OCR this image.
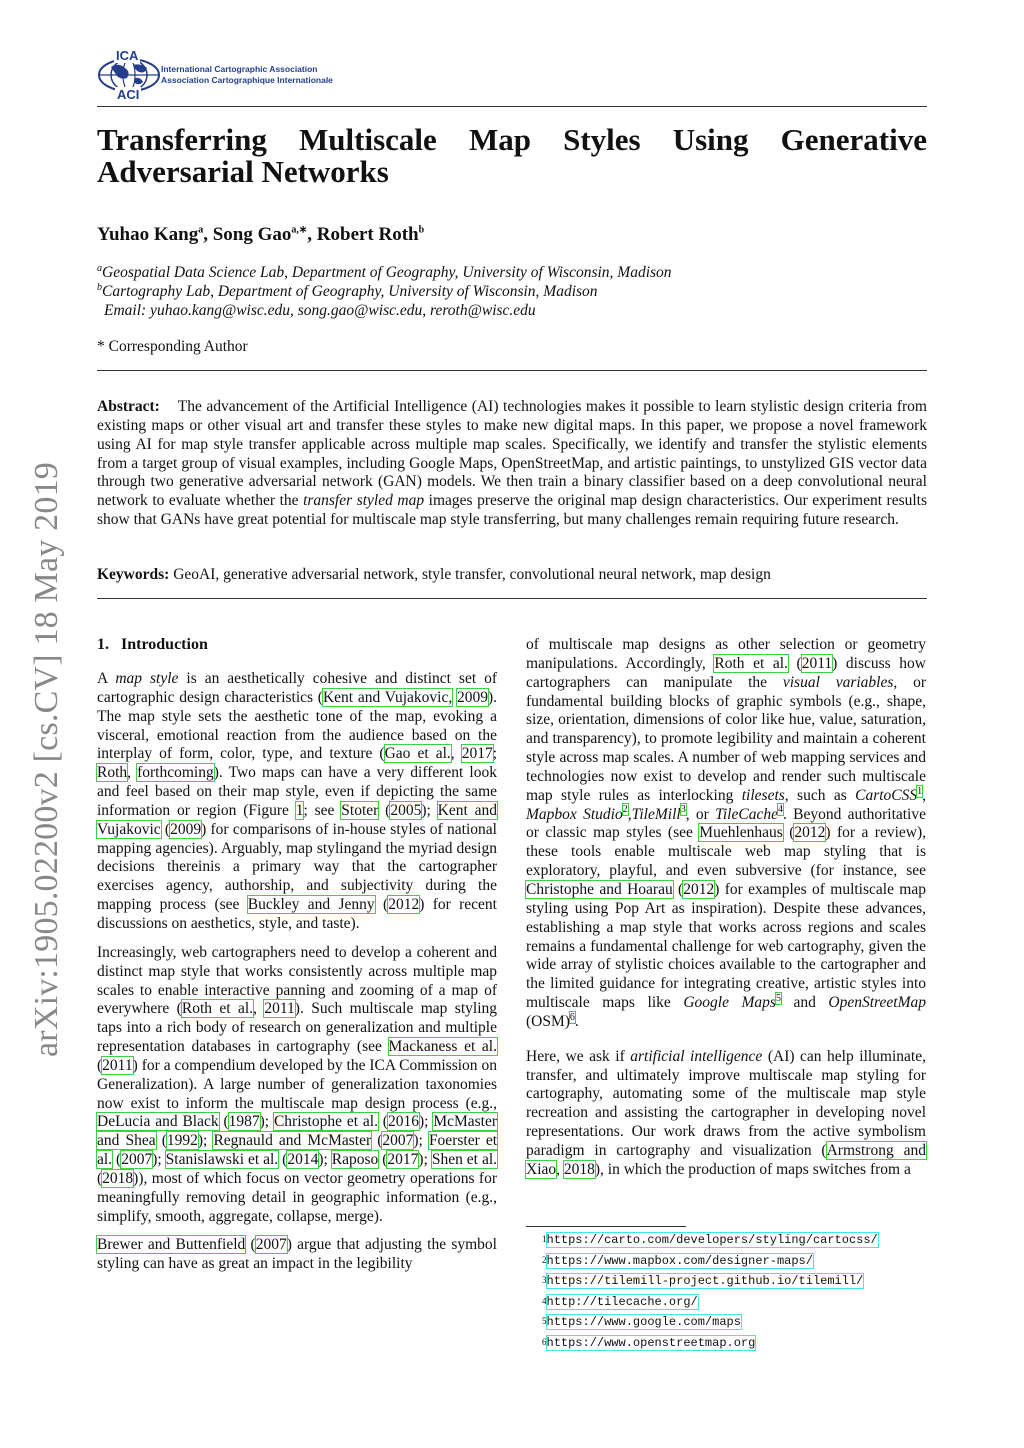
ICA
ACI
International Cartographic Association
Association Cartographique Internationale
arXiv:1905.02200v2 [cs.CV] 18 May 2019
Transferring Multiscale Map Styles Using Generative
Adversarial Networks
Yuhao Kang$^a$, Song Gao$^{a,∗}$, Robert Roth$^b$
$^a$Geospatial Data Science Lab, Department of Geography, University of Wisconsin, Madison
$^b$Cartography Lab, Department of Geography, University of Wisconsin, Madison
Email: yuhao.kang@wisc.edu, song.gao@wisc.edu, reroth@wisc.edu
* Corresponding Author
Abstract: The advancement of the Artificial Intelligence (AI) technologies makes it possible to learn stylistic design criteria from existing maps or other visual art and transfer these styles to make new digital maps. In this paper, we propose a novel framework using AI for map style transfer applicable across multiple map scales. Specifically, we identify and transfer the stylistic elements from a target group of visual examples, including Google Maps, OpenStreetMap, and artistic paintings, to unstylized GIS vector data through two generative adversarial network (GAN) models. We then train a binary classifier based on a deep convolutional neural network to evaluate whether the transfer styled map images preserve the original map design characteristics. Our experiment results show that GANs have great potential for multiscale map style transferring, but many challenges remain requiring future research.
Keywords: GeoAI, generative adversarial network, style transfer, convolutional neural network, map design
1. Introduction

A map style is an aesthetically cohesive and distinct set of cartographic design characteristics (Kent and Vujakovic, 2009). The map style sets the aesthetic tone of the map, evoking a visceral, emotional reaction from the audience based on the interplay of form, color, type, and texture (Gao et al., 2017; Roth, forthcoming). Two maps can have a very different look and feel based on their map style, even if depicting the same information or region (Figure 1; see Stoter (2005); Kent and Vujakovic (2009) for comparisons of in-house styles of national mapping agencies). Arguably, map stylingand the myriad design decisions thereinis a primary way that the cartographer exercises agency, authorship, and subjectivity during the mapping process (see Buckley and Jenny (2012) for recent discussions on aesthetics, style, and taste).

Increasingly, web cartographers need to develop a coherent and distinct map style that works consistently across multiple map scales to enable interactive panning and zooming of a map of everywhere (Roth et al., 2011). Such multiscale map styling taps into a rich body of research on generalization and multiple representation databases in cartography (see Mackaness et al. (2011) for a compendium developed by the ICA Commission on Generalization). A large number of generalization taxonomies now exist to inform the multiscale map design process (e.g., DeLucia and Black (1987); Christophe et al. (2016); McMaster and Shea (1992); Regnauld and McMaster (2007); Foerster et al. (2007); Stanislawski et al. (2014); Raposo (2017); Shen et al. (2018)), most of which focus on vector geometry operations for meaningfully removing detail in geographic information (e.g., simplify, smooth, aggregate, collapse, merge).

Brewer and Buttenfield (2007) argue that adjusting the symbol styling can have as great an impact in the legibility

of multiscale map designs as other selection or geometry manipulations. Accordingly, Roth et al. (2011) discuss how cartographers can manipulate the visual variables, or fundamental building blocks of graphic symbols (e.g., shape, size, orientation, dimensions of color like hue, value, saturation, and transparency), to promote legibility and maintain a coherent style across map scales. A number of web mapping services and technologies now exist to develop and render such multiscale map style rules as interlocking tilesets, such as CartoCSS$^1$, Mapbox Studio$^2$,TileMill$^3$, or TileCache$^4$. Beyond authoritative or classic map styles (see Muehlenhaus (2012) for a review), these tools enable multiscale web map styling that is exploratory, playful, and even subversive (for instance, see Christophe and Hoarau (2012) for examples of multiscale map styling using Pop Art as inspiration). Despite these advances, establishing a map style that works across regions and scales remains a fundamental challenge for web cartography, given the wide array of stylistic choices available to the cartographer and the limited guidance for integrating creative, artistic styles into multiscale maps like Google Maps$^5$ and OpenStreetMap (OSM)$^6$.

Here, we ask if artificial intelligence (AI) can help illuminate, transfer, and ultimately improve multiscale map styling for cartography, automating some of the multiscale map style recreation and assisting the cartographer in developing novel representations. Our work draws from the active symbolism paradigm in cartography and visualization (Armstrong and Xiao, 2018), in which the production of maps switches from a

$^1$https://carto.com/developers/styling/cartocss/
$^2$https://www.mapbox.com/designer-maps/
$^3$https://tilemill-project.github.io/tilemill/
$^4$http://tilecache.org/
$^5$https://www.google.com/maps
$^6$https://www.openstreetmap.org
